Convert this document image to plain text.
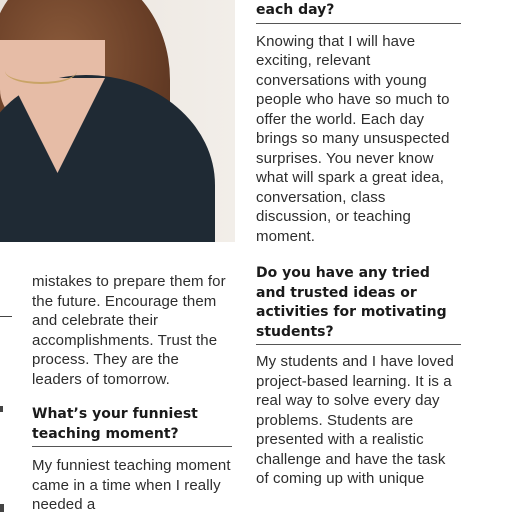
mistakes to prepare them for the future. Encourage them and celebrate their accomplishments. Trust the process. They are the leaders of tomorrow.

What’s your funniest teaching moment?

My funniest teaching moment came in a time when I really needed a

each day?

Knowing that I will have exciting, relevant conversations with young people who have so much to offer the world. Each day brings so many unsuspected surprises. You never know what will spark a great idea, conversation, class discussion, or teaching moment.

Do you have any tried and trusted ideas or activities for motivating students?

My students and I have loved project-based learning. It is a real way to solve every day problems. Students are presented with a realistic challenge and have the task of coming up with unique
